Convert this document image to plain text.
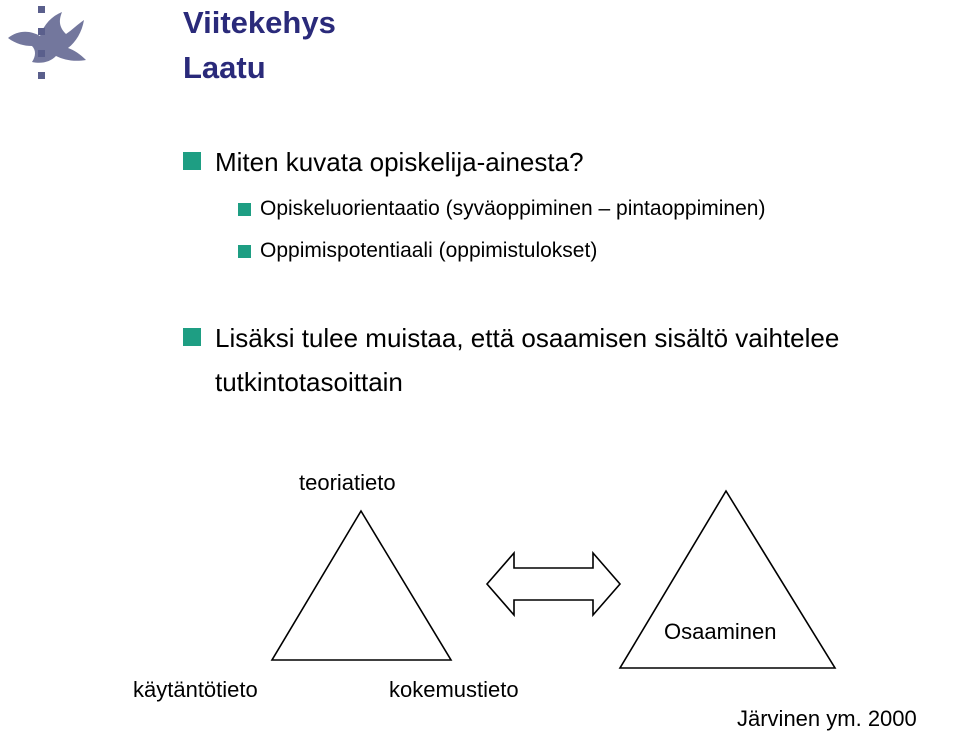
Viitekehys
Laatu
Miten kuvata opiskelija-ainesta?
Opiskeluorientaatio (syväoppiminen – pintaoppiminen)
Oppimispotentiaali (oppimistulokset)
Lisäksi tulee muistaa, että osaamisen sisältö vaihtelee
tutkintotasoittain
teoriatieto
käytäntötieto	kokemustieto
Osaaminen
Järvinen ym. 2000
